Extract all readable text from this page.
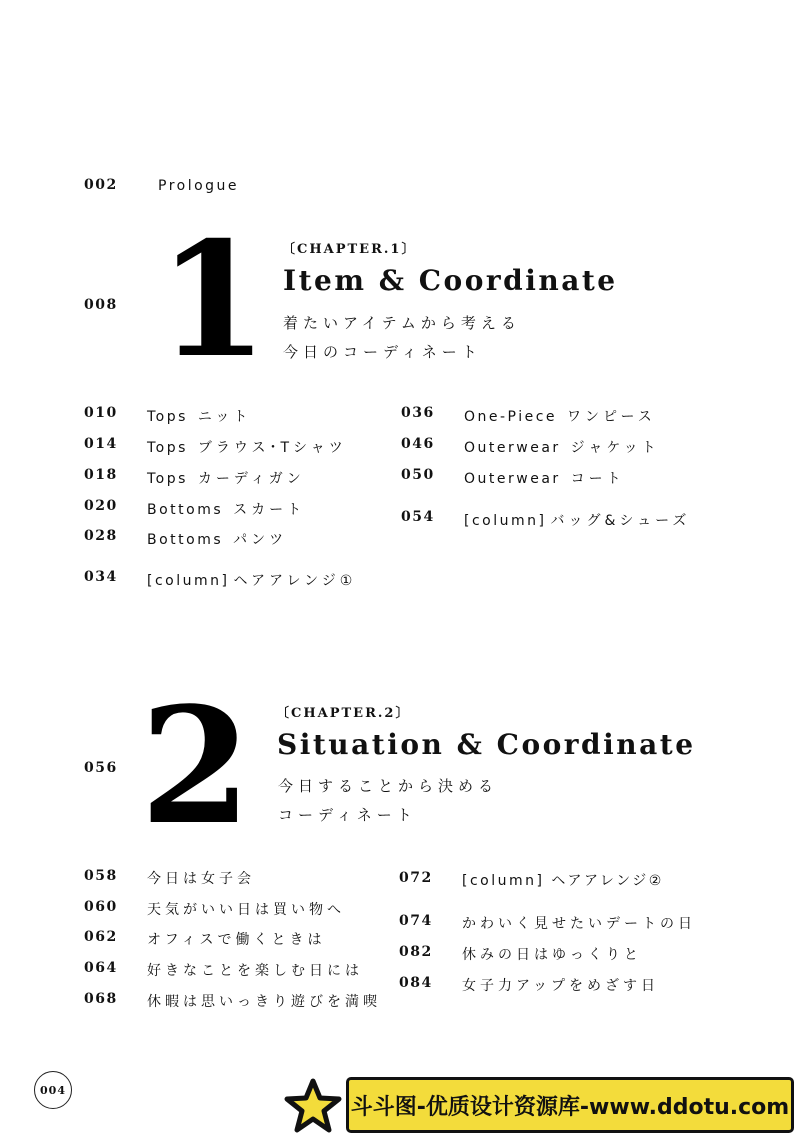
002	Prologue
008 1 〔CHAPTER.1〕
Item & Coordinate
着たいアイテムから考える
今日のコーディネート
010 Tops ニット
014 Tops ブラウス･Tシャツ
018 Tops カーディガン
020 Bottoms スカート
028 Bottoms パンツ
034 [column] ヘアアレンジ①
036 One-Piece ワンピース
046 Outerwear ジャケット
050 Outerwear コート
054 [column] バッグ&シューズ
056 2 〔CHAPTER.2〕
Situation & Coordinate
今日することから決める
コーディネート
058 今日は女子会
060 天気がいい日は買い物へ
062 オフィスで働くときは
064 好きなことを楽しむ日には
068 休暇は思いっきり遊びを満喫
072 [column] ヘアアレンジ②
074 かわいく見せたいデートの日
082 休みの日はゆっくりと
084 女子力アップをめざす日
004
斗斗图-优质设计资源库-www.ddotu.com
